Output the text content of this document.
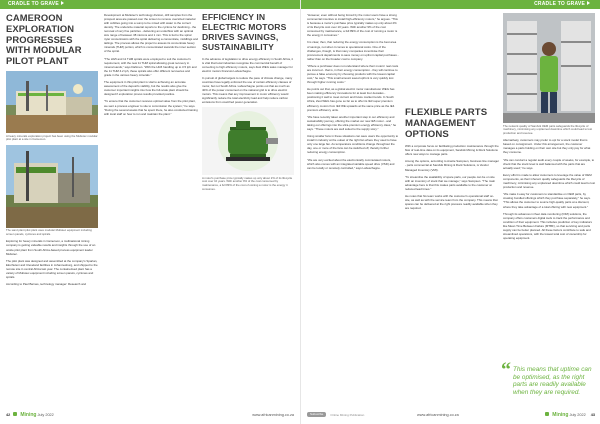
CRADLE TO GRAVE
CAMEROON EXPLORATION PROGRESSES WITH MODULAR PILOT PLANT
A heavy minerals exploration project has been using the Multotec modular pilot plant at a site in Cameroon.
The sand plant pilot plant uses modular Multotec equipment including screen panels, cyclones and spirals.

Exploring for heavy minerals in Cameroon, a multinational mining company is getting valuable results and insights through the use of an onsite pilot plant from South Africa-based process equipment leader Multotec.

The pilot plant was designed and assembled at the company's Spartan, Ekurhuleni and Cleveland facilities in Johannesburg, and shipped to the remote site in central Africa last year. The containerised plant has a variety of Multotec equipment including screen panels, cyclones and spirals.

According to Paul Barnes, technology manager: Research and

Development at Multotec's technology division, drill samples from the prospect area are passed over the screen to remove oversized material with cobbles going into a sump to be mixed with water to the correct density. The undersize material reports to the cyclone for desliming - the removal of very fine particles - delivering an underflow with an optimal size range of between 38 microns and 1 mm. This is fed to the spiral nyler concentrators with the spiral delivering a concentrate, middlings and tailings. The process allows the project to assess its concentrate heavy minerals (THM) portion, which is concentrated towards the inner section of the spiral.

"The HG5 and 11 THM spirals were employed to suit the customer's requirement, with the new 11 THM spiral allowing great recovery in mineral sands," says Dahmen. "With the HG5 handling up to 3.5 tph and the 11 THM 4.2 tph, these spirals also offer different recoveries and grade in the various heavy minerals."

The equipment in this pilot plant is vital to achieving an accurate assessment of the deposit's viability, but the results also give the customer important insights into how the full-scale plant should be designed if exploration proves results provided positive.

"To ensure that the customer receives optimal value from the pilot plant, we sent a process engineer to site to commission the system," he says. "During the several weeks that he spent there, he also conducted training with local staff on how to run and maintain the plant."

EFFICIENCY IN ELECTRIC MOTORS DRIVES SAVINGS, SUSTAINABILITY

In the advance of legislation to drive energy efficiency in South Africa, it is vital that local industries recognise the commercial benefit of converting to high efficiency motors, says Zest WEG sales manager for electric motors Francois Labuschagne.

In pursuit of global targets to reduce the pace of climate change, many countries have legally enforced the use of certain efficiency classes of motor, but not South Africa. Labuschagne points out that as much as 40% of the power consumed on the national grid is to drive electric motors. This means that any improvement in motor efficiency would significantly reduce the total electricity load and help reduce carbon emissions from coal-fired power generation.

A motor's purchase price typically makes up only about 2% of its lifecycle cost over 10 years. With another 9% of the cost consumed by maintenance, a full 89% of the cost of owning a motor is the energy it consumes.
42 Mining July 2022	www.africanmining.co.za
CRADLE TO GRAVE

"However, even without being forced by the motor users have a strong commercial incentive to install high-efficiency motors," he argues. "This is because a motor's purchase price typically makes up only about 2% of its lifecycle cost over 10 years. With another 9% of the cost consumed by maintenance, a full 89% of the cost of running a motor is the energy it consumes."

It is clear, then, that reducing the energy consumption is the best area of savings, not when it comes to operational costs. One of the challenges, though, is that many companies incentivise their procurement departments to save money on upfront capital purchases - rather than on the broader cost to company.

"Where a purchaser does not understand where their motors' real costs are incurred - that is, in their energy consumption - they will continue to pursue a false economy by choosing products with the lowest capital cost," he says. "This small amount saved upfront is very quickly lost through higher running costs."

He points out that, as a global electric motor manufacturer WEG has been making efficiency innovations for at least four decades - positioning it well to meet current and future market trends. In South Africa, Zest WEG has gone so far as to offer its IE3 super premium efficiency motors from IE3 WE upwards at the same price as the IE4 premium efficiency units.

"We have recently taken another important step in our efficiency and sustainability journey, offering the market our new IE5 motor - and taking our offerings into the ultra-premium energy efficiency class," he says. "These motors are well suited to the supply story."

Using smaller fans in these situations can save users the opportunity to install in industry at the outset of the right fan where they used to have only one large fan. As temperature conditions change throughout the day, one or more of the fans can be switched off, thereby further reducing energy consumption.

"We are very excited about the electronically commutated motors, which also comes with an integrated variable speed drive (VSD) and can be locally or remotely controlled," says Labuschagne.

FLEXIBLE PARTS MANAGEMENT OPTIONS

With a corporate focus on facilitating production maintenance through the flow of real-time data on its equipment, Sandvik Mining & Rock Solutions offers new ways to manage parts.

Among the options, according to Anette Sampsen, business line manager - parts commercial at Sandvik Mining & Rock Solutions, is Vendor Managed Inventory (VMI).

"To streamline the availability of spare parts, our people can be on site with an inventory of stock that we manage," says Sampsen. "The main advantage here is that this makes parts available to the customer at reduced lead times."

He notes that his team works with the customer's operational staff on-site, as well as with the service team from the company. This means that spares can be delivered at the right pressure readily available when they are required.

The network quality of Sandvik OEM parts safeguards the lifecycle of machinery, minimising any unplanned downtime which could lead to lost production and revenue.

Alternatively, customers may prefer to opt for a stock model that is based on consignment. Under this arrangement, the customer manages a parts holding on their own site but they only pay for what they consume.

"We can conduct a regular audit every couple of weeks, for example, to check that the stock level is well balanced with the parts that are actually used," he says.

Every effort is made to allow customers to leverage the value of OEM components, as their inherent quality safeguards the lifecycle of machinery, minimising any unplanned downtime which could lead to lost production and revenue.

"We make it easy for customers to standardise on OEM parts, by creating bundled offerings which they purchase separately," he says. "This allows the customer to source high-quality parts at a discount, where they take advantage of a total offering with new equipment."

Through its advances in fleet data monitoring (IOM) solutions, the company offers customers digital tools to track the performance and condition of their equipment. This includes prediction of key indicators like Mean Time Between Failure (MTBF), so that servicing and parts supply can be better planned. All these factors contribute to safe and streamlined operations, with the lowest total cost of ownership for operating equipment.

“ This means that uptime can be optimised, as the right parts are readily available when they are required.
Subscribe Online Mining Publication	Mining July 2022 43
www.africanmining.co.za
